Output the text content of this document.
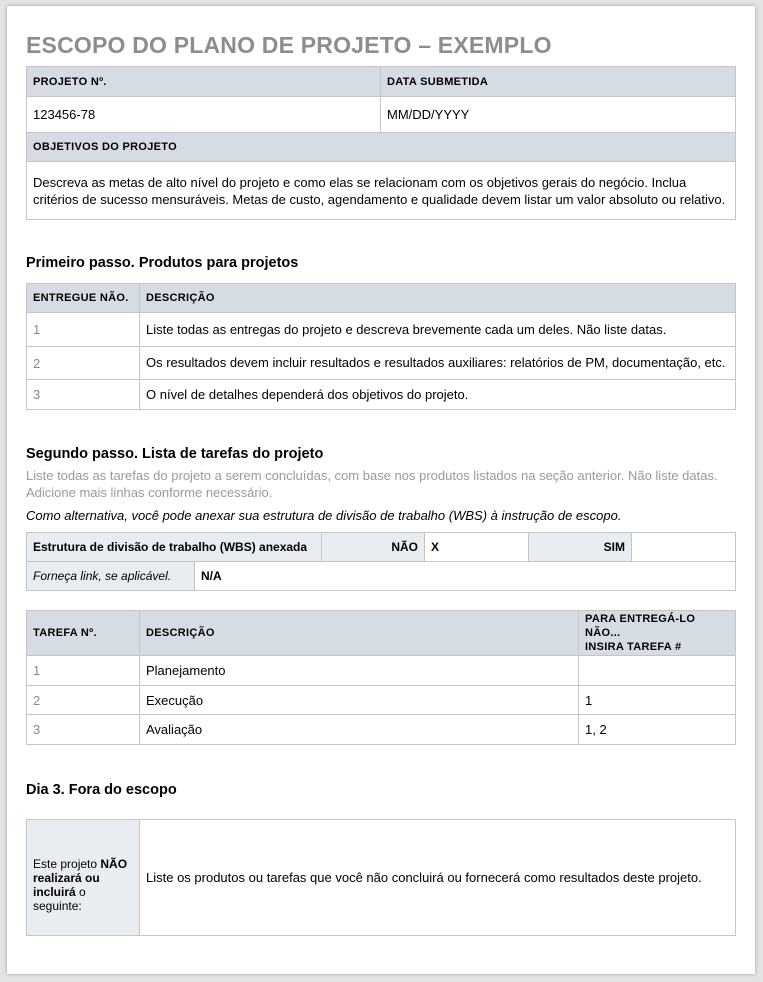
ESCOPO DO PLANO DE PROJETO – EXEMPLO
PROJETO Nº.	DATA SUBMETIDA
123456-78	MM/DD/YYYY
OBJETIVOS DO PROJETO	
Descreva as metas de alto nível do projeto e como elas se relacionam com os objetivos gerais do negócio. Inclua critérios de sucesso mensuráveis. Metas de custo, agendamento e qualidade devem listar um valor absoluto ou relativo.	
Primeiro passo. Produtos para projetos
ENTREGUE NÃO.	DESCRIÇÃO
1	Liste todas as entregas do projeto e descreva brevemente cada um deles. Não liste datas.
2	Os resultados devem incluir resultados e resultados auxiliares: relatórios de PM, documentação, etc.
3	O nível de detalhes dependerá dos objetivos do projeto.
Segundo passo. Lista de tarefas do projeto
Liste todas as tarefas do projeto a serem concluídas, com base nos produtos listados na seção anterior. Não liste datas. Adicione mais linhas conforme necessário.
Como alternativa, você pode anexar sua estrutura de divisão de trabalho (WBS) à instrução de escopo.
Estrutura de divisão de trabalho (WBS) anexada		NÃO	X	SIM	
Forneça link, se aplicável.	N/A				
TAREFA Nº.	DESCRIÇÃO	PARA ENTREGÁ-LO
NÃO...
INSIRA TAREFA #

1	Planejamento	
2	Execução	1
3	Avaliação	1, 2
Dia 3. Fora do escopo
Este projeto NÃO
realizará ou incluirá o seguinte:	Liste os produtos ou tarefas que você não concluirá ou fornecerá como resultados deste projeto.
